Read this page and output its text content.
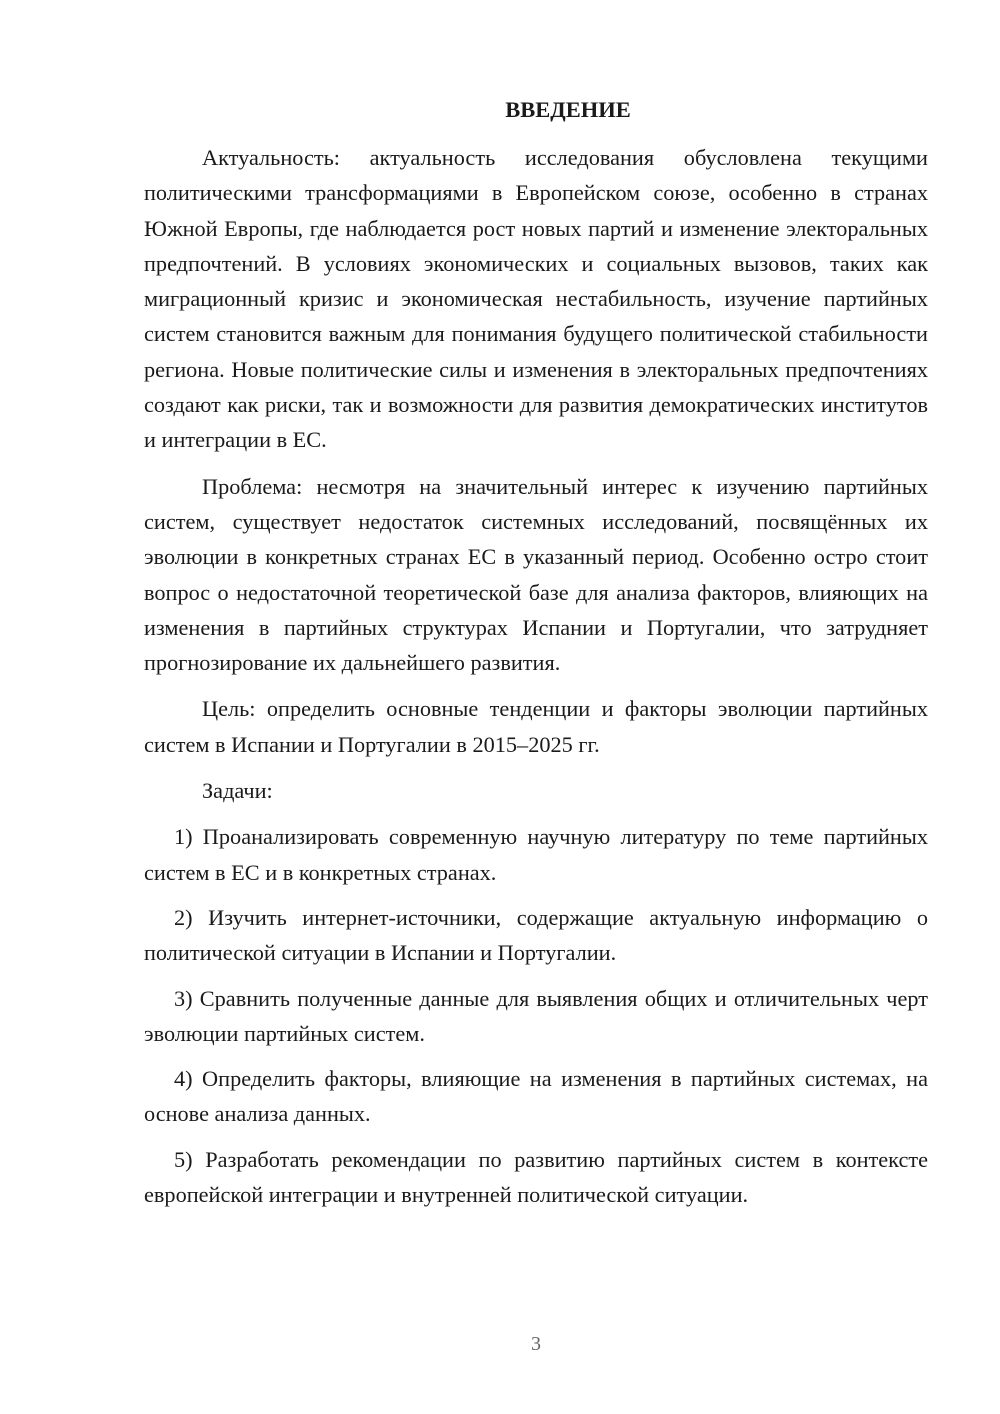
ВВЕДЕНИЕ

Актуальность: актуальность исследования обусловлена текущими политическими трансформациями в Европейском союзе, особенно в странах Южной Европы, где наблюдается рост новых партий и изменение электоральных предпочтений. В условиях экономических и социальных вызовов, таких как миграционный кризис и экономическая нестабильность, изучение партийных систем становится важным для понимания будущего политической стабильности региона. Новые политические силы и изменения в электоральных предпочтениях создают как риски, так и возможности для развития демократических институтов и интеграции в ЕС.

Проблема: несмотря на значительный интерес к изучению партийных систем, существует недостаток системных исследований, посвящённых их эволюции в конкретных странах ЕС в указанный период. Особенно остро стоит вопрос о недостаточной теоретической базе для анализа факторов, влияющих на изменения в партийных структурах Испании и Португалии, что затрудняет прогнозирование их дальнейшего развития.

Цель: определить основные тенденции и факторы эволюции партийных систем в Испании и Португалии в 2015–2025 гг.

Задачи:

1) Проанализировать современную научную литературу по теме партийных систем в ЕС и в конкретных странах.

2) Изучить интернет-источники, содержащие актуальную информацию о политической ситуации в Испании и Португалии.

3) Сравнить полученные данные для выявления общих и отличительных черт эволюции партийных систем.

4) Определить факторы, влияющие на изменения в партийных системах, на основе анализа данных.

5) Разработать рекомендации по развитию партийных систем в контексте европейской интеграции и внутренней политической ситуации.

3
